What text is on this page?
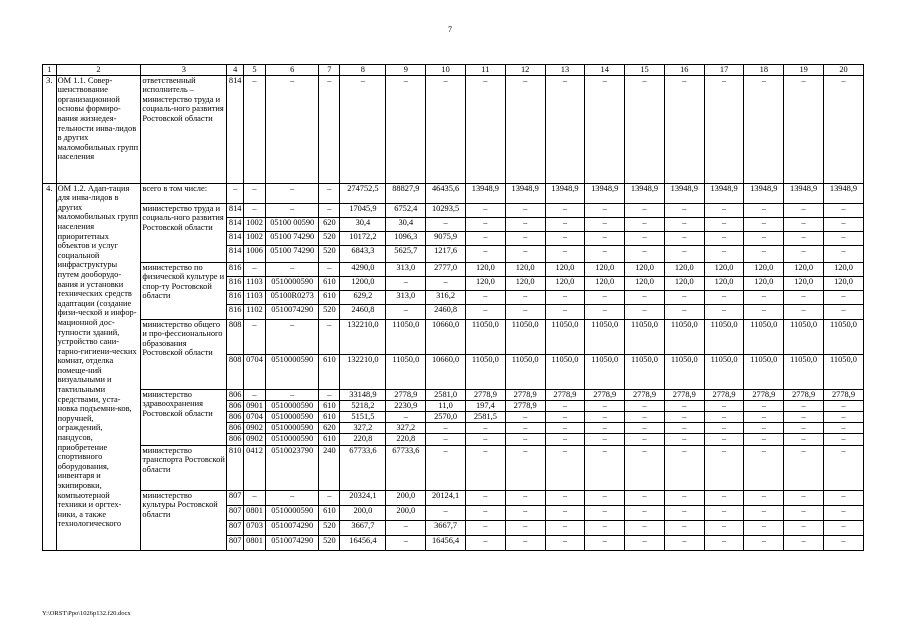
7
1	2	3	4	5	6	7	8	9	10	11	12	13	14	15	16	17	18	19	20
3.	ОМ 1.1. Совер-шенствование организационной основы формиро-вания жизнедея-тельности инва-лидов в других маломобильных групп населения	ответственный исполнитель – министерство труда и социаль-ного развития Ростовской области	814	–	–	–	–	–	–	–	–	–	–	–	–	–	–	–	–
4.	ОМ 1.2. Адап-тация для инва-лидов в других маломобильных групп населения приоритетных объектов и услуг социальной инфраструктуры путем дооборудо-вания и установки технических средств адаптации (создание физи-ческой и инфор-мационной дос-тупности зданий, устройство сани-тарно-гигиени-ческих комнат, отделка помеще-ний визуальными и тактильными средствами, уста-новка подъемни-ков, поручней, ограждений, пандусов, приобретение спортивного оборудования, инвентаря и экипировки, компьютерной техники и оргтех-ники, а также технологического	всего в том числе:	–	–	–	–	274752,5	88827,9	46435,6	13948,9	13948,9	13948,9	13948,9	13948,9	13948,9	13948,9	13948,9	13948,9	13948,9
		министерство труда и социаль-ного развития Ростовской области	814	–	–	–	17045,9	6752,4	10293,5	–	–	–	–	–	–	–	–	–	–
			814	1002	05100 00590	620	30,4	30,4	–	–	–	–	–	–	–	–	–	–	–
			814	1002	05100 74290	520	10172,2	1096,3	9075,9	–	–	–	–	–	–	–	–	–	–
			814	1006	05100 74290	520	6843,3	5625,7	1217,6	–	–	–	–	–	–	–	–	–	–
		министерство по физической культуре и спор-ту Ростовской области	816	–	–	–	4290,0	313,0	2777,0	120,0	120,0	120,0	120,0	120,0	120,0	120,0	120,0	120,0	120,0
			816	1103	0510000590	610	1200,0	–	–	120,0	120,0	120,0	120,0	120,0	120,0	120,0	120,0	120,0	120,0
			816	1103	05100R0273	610	629,2	313,0	316,2	–	–	–	–	–	–	–	–	–	–
			816	1102	0510074290	520	2460,8	–	2460,8	–	–	–	–	–	–	–	–	–	–
		министерство общего и про-фессионального образования Ростовской области	808	–	–	–	132210,0	11050,0	10660,0	11050,0	11050,0	11050,0	11050,0	11050,0	11050,0	11050,0	11050,0	11050,0	11050,0
			808	0704	0510000590	610	132210,0	11050,0	10660,0	11050,0	11050,0	11050,0	11050,0	11050,0	11050,0	11050,0	11050,0	11050,0	11050,0
		министерство здравоохранения Ростовской области	806	–	–	–	33148,9	2778,9	2581,0	2778,9	2778,9	2778,9	2778,9	2778,9	2778,9	2778,9	2778,9	2778,9	2778,9
			806	0901	0510000590	610	5218,2	2230,9	11,0	197,4	2778,9	–	–	–	–	–	–	–	–
			806	0704	0510000590	610	5151,5	–	2570,0	2581,5	–	–	–	–	–	–	–	–	–
			806	0902	0510000590	620	327,2	327,2	–	–	–	–	–	–	–	–	–	–	–
			806	0902	0510000590	610	220,8	220,8	–	–	–	–	–	–	–	–	–	–	–
		министерство транспорта Ростовской области	810	0412	0510023790	240	67733,6	67733,6	–	–	–	–	–	–	–	–	–	–	–
		министерство культуры Ростовской области	807	–	–	–	20324,1	200,0	20124,1	–	–	–	–	–	–	–	–	–	–
			807	0801	0510000590	610	200,0	200,0	–	–	–	–	–	–	–	–	–	–	–
			807	0703	0510074290	520	3667,7	–	3667,7	–	–	–	–	–	–	–	–	–	–
			807	0801	0510074290	520	16456,4	–	16456,4	–	–	–	–	–	–	–	–	–	–
Y:\ORST\Ppo\1026p132.f20.docx
